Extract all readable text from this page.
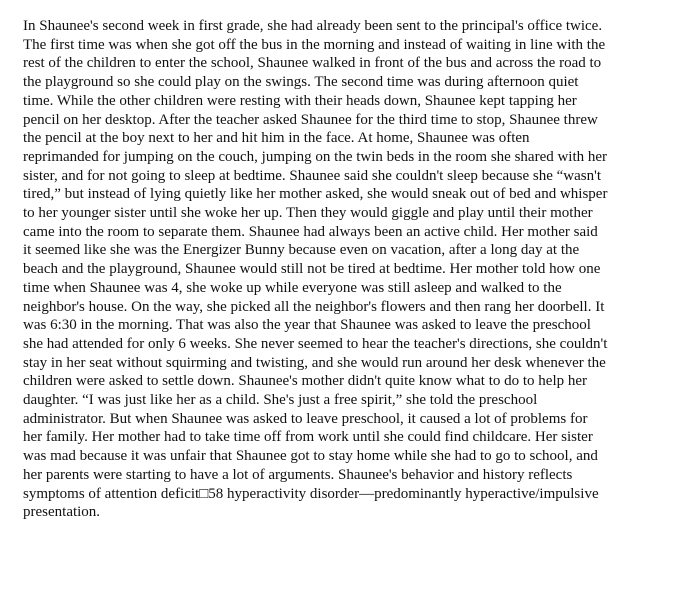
In Shaunee's second week in first grade, she had already been sent to the principal's office twice.
The first time was when she got off the bus in the morning and instead of waiting in line with the
rest of the children to enter the school, Shaunee walked in front of the bus and across the road to
the playground so she could play on the swings. The second time was during afternoon quiet
time. While the other children were resting with their heads down, Shaunee kept tapping her
pencil on her desktop. After the teacher asked Shaunee for the third time to stop, Shaunee threw
the pencil at the boy next to her and hit him in the face. At home, Shaunee was often
reprimanded for jumping on the couch, jumping on the twin beds in the room she shared with her
sister, and for not going to sleep at bedtime. Shaunee said she couldn't sleep because she “wasn't
tired,” but instead of lying quietly like her mother asked, she would sneak out of bed and whisper
to her younger sister until she woke her up. Then they would giggle and play until their mother
came into the room to separate them. Shaunee had always been an active child. Her mother said
it seemed like she was the Energizer Bunny because even on vacation, after a long day at the
beach and the playground, Shaunee would still not be tired at bedtime. Her mother told how one
time when Shaunee was 4, she woke up while everyone was still asleep and walked to the
neighbor's house. On the way, she picked all the neighbor's flowers and then rang her doorbell. It
was 6:30 in the morning. That was also the year that Shaunee was asked to leave the preschool
she had attended for only 6 weeks. She never seemed to hear the teacher's directions, she couldn't
stay in her seat without squirming and twisting, and she would run around her desk whenever the
children were asked to settle down. Shaunee's mother didn't quite know what to do to help her
daughter. “I was just like her as a child. She's just a free spirit,” she told the preschool
administrator. But when Shaunee was asked to leave preschool, it caused a lot of problems for
her family. Her mother had to take time off from work until she could find childcare. Her sister
was mad because it was unfair that Shaunee got to stay home while she had to go to school, and
her parents were starting to have a lot of arguments. Shaunee's behavior and history reflects
symptoms of attention deficit□58 hyperactivity disorder—predominantly hyperactive/impulsive
presentation.
